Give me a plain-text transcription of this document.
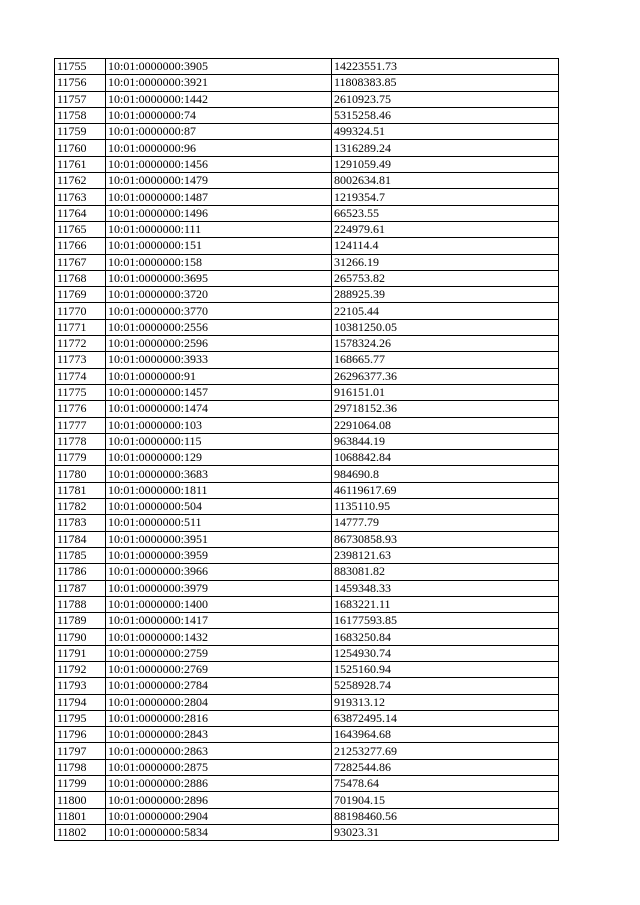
11755	10:01:0000000:3905	14223551.73
11756	10:01:0000000:3921	11808383.85
11757	10:01:0000000:1442	2610923.75
11758	10:01:0000000:74	5315258.46
11759	10:01:0000000:87	499324.51
11760	10:01:0000000:96	1316289.24
11761	10:01:0000000:1456	1291059.49
11762	10:01:0000000:1479	8002634.81
11763	10:01:0000000:1487	1219354.7
11764	10:01:0000000:1496	66523.55
11765	10:01:0000000:111	224979.61
11766	10:01:0000000:151	124114.4
11767	10:01:0000000:158	31266.19
11768	10:01:0000000:3695	265753.82
11769	10:01:0000000:3720	288925.39
11770	10:01:0000000:3770	22105.44
11771	10:01:0000000:2556	10381250.05
11772	10:01:0000000:2596	1578324.26
11773	10:01:0000000:3933	168665.77
11774	10:01:0000000:91	26296377.36
11775	10:01:0000000:1457	916151.01
11776	10:01:0000000:1474	29718152.36
11777	10:01:0000000:103	2291064.08
11778	10:01:0000000:115	963844.19
11779	10:01:0000000:129	1068842.84
11780	10:01:0000000:3683	984690.8
11781	10:01:0000000:1811	46119617.69
11782	10:01:0000000:504	1135110.95
11783	10:01:0000000:511	14777.79
11784	10:01:0000000:3951	86730858.93
11785	10:01:0000000:3959	2398121.63
11786	10:01:0000000:3966	883081.82
11787	10:01:0000000:3979	1459348.33
11788	10:01:0000000:1400	1683221.11
11789	10:01:0000000:1417	16177593.85
11790	10:01:0000000:1432	1683250.84
11791	10:01:0000000:2759	1254930.74
11792	10:01:0000000:2769	1525160.94
11793	10:01:0000000:2784	5258928.74
11794	10:01:0000000:2804	919313.12
11795	10:01:0000000:2816	63872495.14
11796	10:01:0000000:2843	1643964.68
11797	10:01:0000000:2863	21253277.69
11798	10:01:0000000:2875	7282544.86
11799	10:01:0000000:2886	75478.64
11800	10:01:0000000:2896	701904.15
11801	10:01:0000000:2904	88198460.56
11802	10:01:0000000:5834	93023.31
